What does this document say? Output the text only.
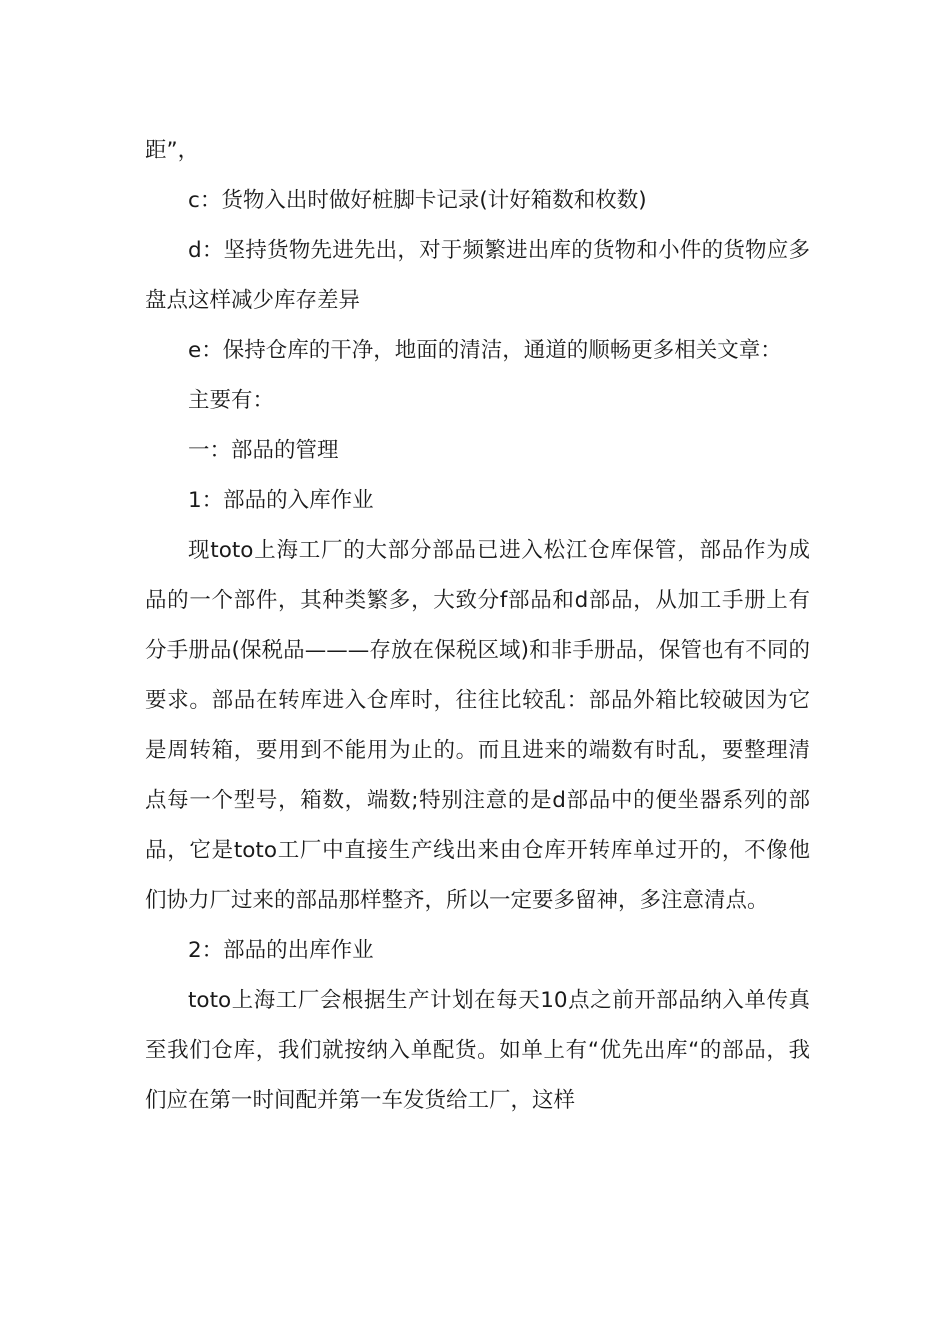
距”，

c：货物入出时做好桩脚卡记录(计好箱数和枚数)

d：坚持货物先进先出，对于频繁进出库的货物和小件的货物应多盘点这样减少库存差异

e：保持仓库的干净，地面的清洁，通道的顺畅更多相关文章：

主要有：

一：部品的管理

1：部品的入库作业

现toto上海工厂的大部分部品已进入松江仓库保管，部品作为成品的一个部件，其种类繁多，大致分f部品和d部品，从加工手册上有分手册品(保税品———存放在保税区域)和非手册品，保管也有不同的要求。部品在转库进入仓库时，往往比较乱：部品外箱比较破因为它是周转箱，要用到不能用为止的。而且进来的端数有时乱，要整理清点每一个型号，箱数，端数;特别注意的是d部品中的便坐器系列的部品，它是toto工厂中直接生产线出来由仓库开转库单过开的，不像他们协力厂过来的部品那样整齐，所以一定要多留神，多注意清点。

2：部品的出库作业

toto上海工厂会根据生产计划在每天10点之前开部品纳入单传真至我们仓库，我们就按纳入单配货。如单上有“优先出库“的部品，我们应在第一时间配并第一车发货给工厂，这样
